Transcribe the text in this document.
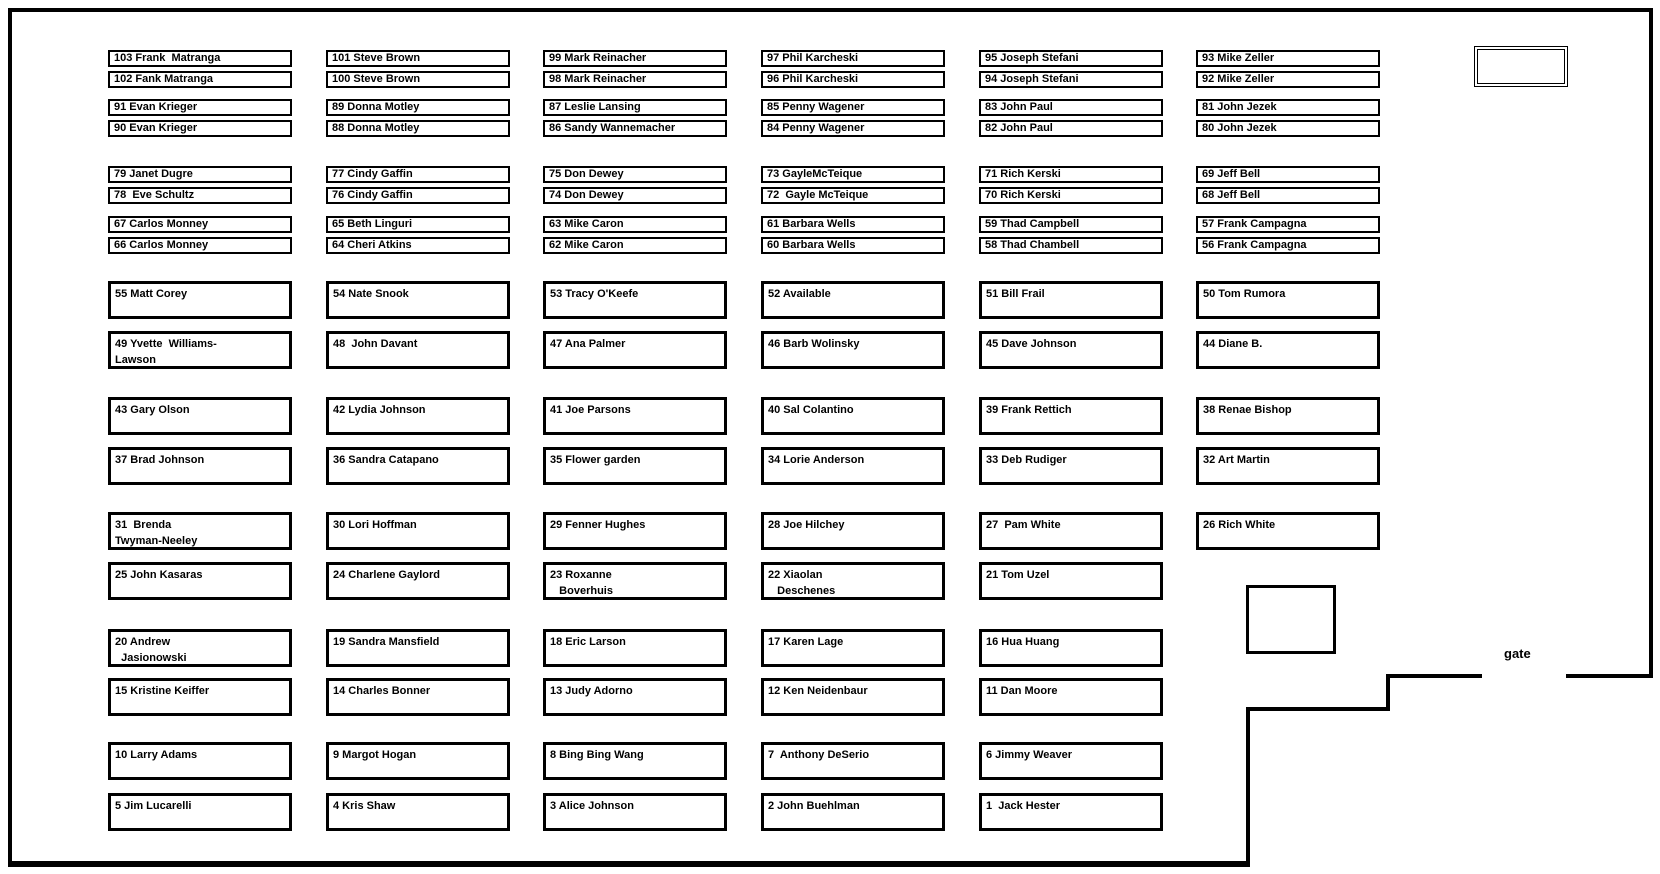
gate
103 Frank  Matranga
102 Fank Matranga
101 Steve Brown
100 Steve Brown
99 Mark Reinacher
98 Mark Reinacher
97 Phil Karcheski
96 Phil Karcheski
95 Joseph Stefani
94 Joseph Stefani
93 Mike Zeller
92 Mike Zeller
91 Evan Krieger
90 Evan Krieger
89 Donna Motley
88 Donna Motley
87 Leslie Lansing
86 Sandy Wannemacher
85 Penny Wagener
84 Penny Wagener
83 John Paul
82 John Paul
81 John Jezek
80 John Jezek
79 Janet Dugre
78  Eve Schultz
77 Cindy Gaffin
76 Cindy Gaffin
75 Don Dewey
74 Don Dewey
73 GayleMcTeique
72  Gayle McTeique
71 Rich Kerski
70 Rich Kerski
69 Jeff Bell
68 Jeff Bell
67 Carlos Monney
66 Carlos Monney
65 Beth Linguri
64 Cheri Atkins
63 Mike Caron
62 Mike Caron
61 Barbara Wells
60 Barbara Wells
59 Thad Campbell
58 Thad Chambell
57 Frank Campagna
56 Frank Campagna
55 Matt Corey	54 Nate Snook	53 Tracy O'Keefe	52 Available	51 Bill Frail	50 Tom Rumora
49 Yvette  Williams-
Lawson
48  John Davant	47 Ana Palmer	46 Barb Wolinsky	45 Dave Johnson	44 Diane B.
43 Gary Olson	42 Lydia Johnson	41 Joe Parsons	40 Sal Colantino	39 Frank Rettich	38 Renae Bishop
37 Brad Johnson	36 Sandra Catapano	35 Flower garden	34 Lorie Anderson	33 Deb Rudiger	32 Art Martin
31  Brenda
Twyman-Neeley
30 Lori Hoffman	29 Fenner Hughes	28 Joe Hilchey	27  Pam White	26 Rich White
25 John Kasaras	24 Charlene Gaylord	23 Roxanne
Boverhuis
22 Xiaolan
Deschenes
21 Tom Uzel
20 Andrew
Jasionowski
19 Sandra Mansfield	18 Eric Larson	17 Karen Lage	16 Hua Huang
15 Kristine Keiffer	14 Charles Bonner	13 Judy Adorno	12 Ken Neidenbaur	11 Dan Moore
10 Larry Adams	9 Margot Hogan	8 Bing Bing Wang	7  Anthony DeSerio	6 Jimmy Weaver
5 Jim Lucarelli	4 Kris Shaw	3 Alice Johnson	2 John Buehlman	1  Jack Hester
